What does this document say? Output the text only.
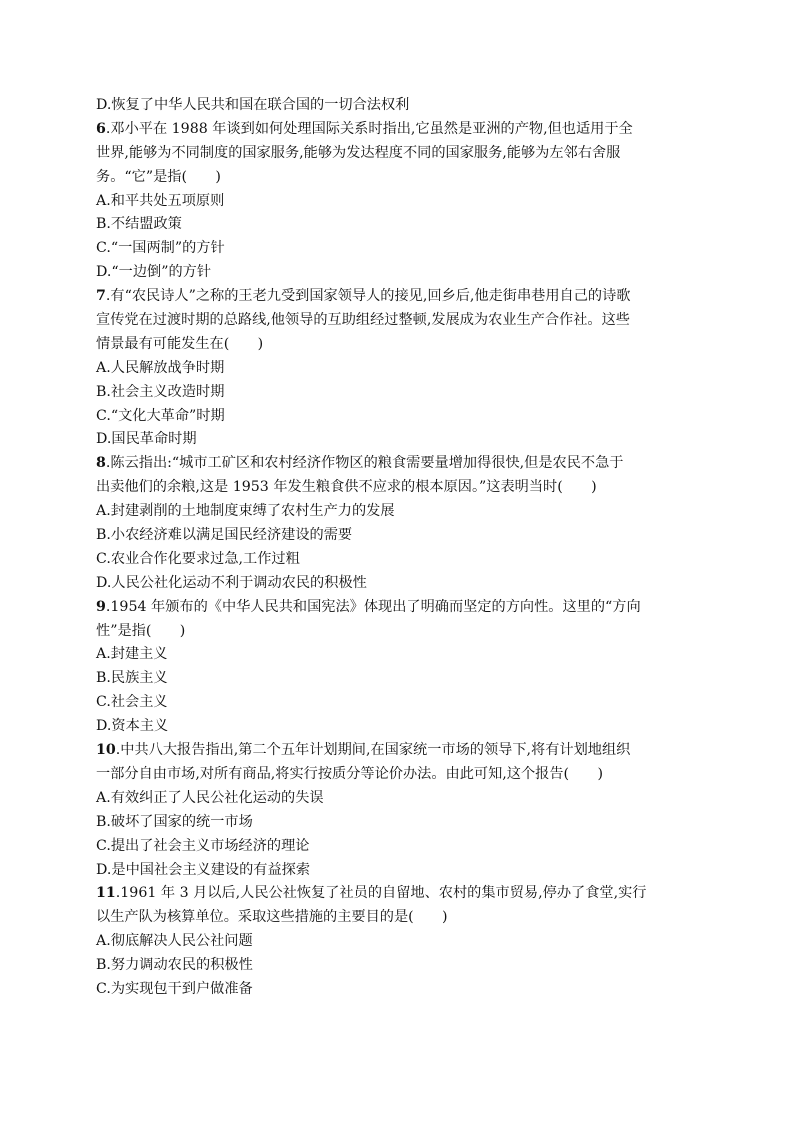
D.恢复了中华人民共和国在联合国的一切合法权利
6.邓小平在 1988 年谈到如何处理国际关系时指出,它虽然是亚洲的产物,但也适用于全
世界,能够为不同制度的国家服务,能够为发达程度不同的国家服务,能够为左邻右舍服
务。“它”是指(　　)
A.和平共处五项原则
B.不结盟政策
C.“一国两制”的方针
D.“一边倒”的方针
7.有“农民诗人”之称的王老九受到国家领导人的接见,回乡后,他走街串巷用自己的诗歌
宣传党在过渡时期的总路线,他领导的互助组经过整顿,发展成为农业生产合作社。这些
情景最有可能发生在(　　)
A.人民解放战争时期
B.社会主义改造时期
C.“文化大革命”时期
D.国民革命时期
8.陈云指出:“城市工矿区和农村经济作物区的粮食需要量增加得很快,但是农民不急于
出卖他们的余粮,这是 1953 年发生粮食供不应求的根本原因。”这表明当时(　　)
A.封建剥削的土地制度束缚了农村生产力的发展
B.小农经济难以满足国民经济建设的需要
C.农业合作化要求过急,工作过粗
D.人民公社化运动不利于调动农民的积极性
9.1954 年颁布的《中华人民共和国宪法》体现出了明确而坚定的方向性。这里的“方向
性”是指(　　)
A.封建主义
B.民族主义
C.社会主义
D.资本主义
10.中共八大报告指出,第二个五年计划期间,在国家统一市场的领导下,将有计划地组织
一部分自由市场,对所有商品,将实行按质分等论价办法。由此可知,这个报告(　　)
A.有效纠正了人民公社化运动的失误
B.破坏了国家的统一市场
C.提出了社会主义市场经济的理论
D.是中国社会主义建设的有益探索
11.1961 年 3 月以后,人民公社恢复了社员的自留地、农村的集市贸易,停办了食堂,实行
以生产队为核算单位。采取这些措施的主要目的是(　　)
A.彻底解决人民公社问题
B.努力调动农民的积极性
C.为实现包干到户做准备
